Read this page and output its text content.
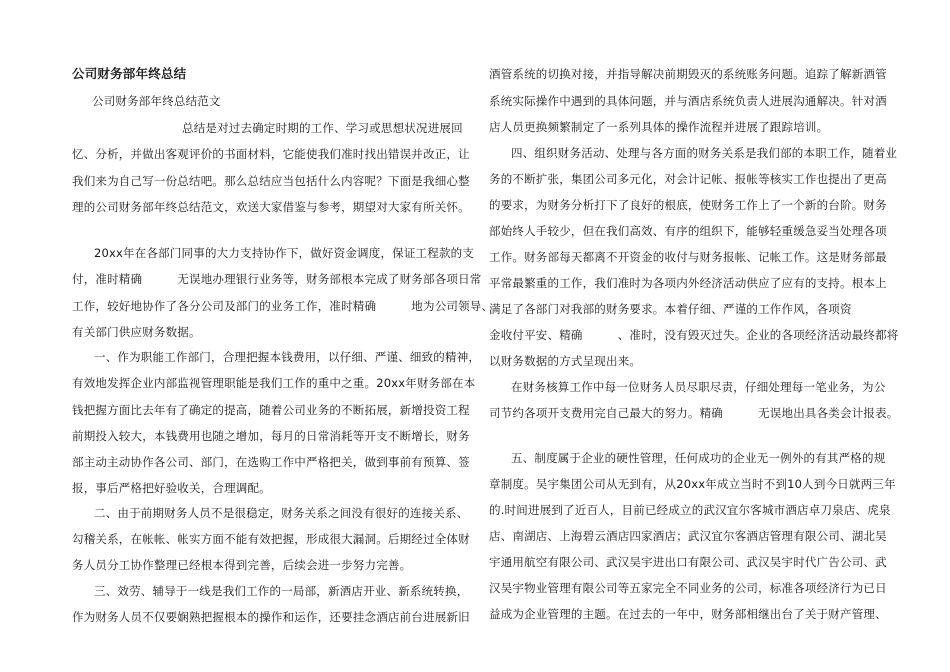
公司财务部年终总结
公司财务部年终总结范文
总结是对过去确定时期的工作、学习或思想状况进展回
忆、分析，并做出客观评价的书面材料，它能使我们准时找出错误并改正，让
我们来为自己写一份总结吧。那么总结应当包括什么内容呢？下面是我细心整
理的公司财务部年终总结范文，欢送大家借鉴与参考，期望对大家有所关怀。
20xx年在各部门同事的大力支持协作下，做好资金调度，保证工程款的支
付，准时精确　　　无误地办理银行业务等，财务部根本完成了财务部各项日常
工作，较好地协作了各分公司及部门的业务工作，准时精确　　　地为公司领导、
有关部门供应财务数据。
一、作为职能工作部门，合理把握本钱费用，以仔细、严谨、细致的精神，
有效地发挥企业内部监视管理职能是我们工作的重中之重。20xx年财务部在本
钱把握方面比去年有了确定的提高，随着公司业务的不断拓展，新增投资工程
前期投入较大，本钱费用也随之增加，每月的日常消耗等开支不断增长，财务
部主动主动协作各公司、部门，在选购工作中严格把关，做到事前有预算、签
报，事后严格把好验收关，合理调配。
二、由于前期财务人员不是很稳定，财务关系之间没有很好的连接关系、
勾稽关系，在帐帐、帐实方面不能有效把握，形成很大漏洞。后期经过全体财
务人员分工协作整理已经根本得到完善，后续会进一步努力完善。
三、效劳、辅导于一线是我们工作的一局部，新酒店开业、新系统转换，
作为财务人员不仅要娴熟把握根本的操作和运作，还要挂念酒店前台进展新旧
酒管系统的切换对接，并指导解决前期毁灭的系统账务问题。追踪了解新酒管
系统实际操作中遇到的具体问题，并与酒店系统负责人进展沟通解决。针对酒
店人员更换频繁制定了一系列具体的操作流程并进展了跟踪培训。
四、组织财务活动、处理与各方面的财务关系是我们部的本职工作，随着业
务的不断扩张，集团公司多元化，对会计记帐、报帐等核实工作也提出了更高
的要求，为财务分析打下了良好的根底，使财务工作上了一个新的台阶。财务
部始终人手较少，但在我们高效、有序的组织下，能够轻重缓急妥当处理各项
工作。财务部每天都离不开资金的收付与财务报帐、记帐工作。这是财务部最
平常最繁重的工作，我们准时为各项内外经济活动供应了应有的支持。根本上
满足了各部门对我部的财务要求。本着仔细、严谨的工作作风，各项资
金收付平安、精确　　　、准时，没有毁灭过失。企业的各项经济活动最终都将
以财务数据的方式呈现出来。
在财务核算工作中每一位财务人员尽职尽责，仔细处理每一笔业务，为公
司节约各项开支费用完自己最大的努力。精确　　　无误地出具各类会计报表。
五、制度属于企业的硬性管理，任何成功的企业无一例外的有其严格的规
章制度。吴宇集团公司从无到有，从20xx年成立当时不到10人到今日就两三年
的.时间进展到了近百人，目前已经成立的武汉宜尔客城市酒店卓刀泉店、虎泉
店、南湖店、上海碧云酒店四家酒店；武汉宜尔客酒店管理有限公司、湖北吴
宇通用航空有限公司、武汉吴宇进出口有限公司、武汉吴宇时代广告公司、武
汉吴宇物业管理有限公司等五家完全不同业务的公司，标准各项经济行为已日
益成为企业管理的主题。在过去的一年中，财务部相继出台了关于财产管理、
